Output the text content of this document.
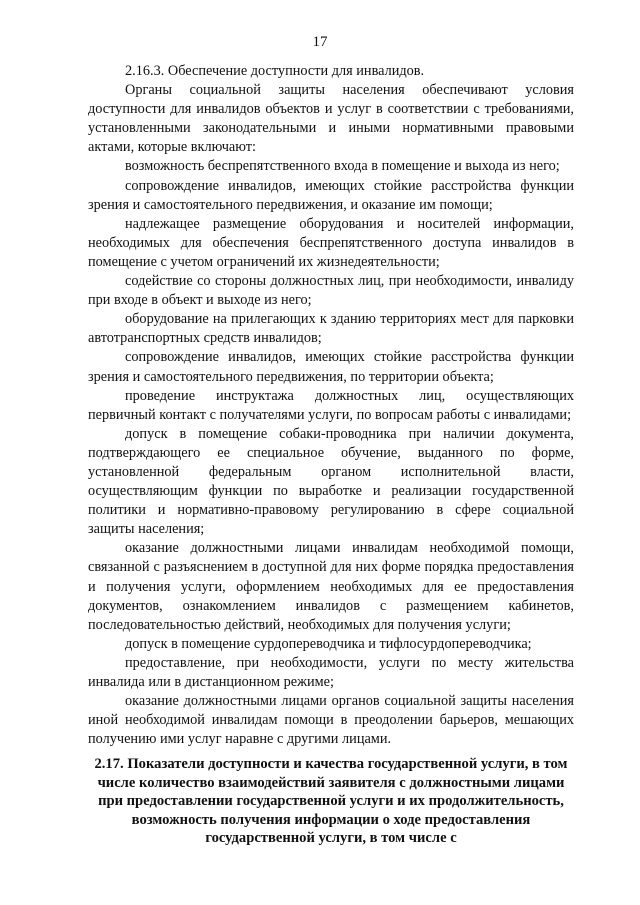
17

2.16.3. Обеспечение доступности для инвалидов.

Органы социальной защиты населения обеспечивают условия доступности для инвалидов объектов и услуг в соответствии с требованиями, установленными законодательными и иными нормативными правовыми актами, которые включают:

возможность беспрепятственного входа в помещение и выхода из него;

сопровождение инвалидов, имеющих стойкие расстройства функции зрения и самостоятельного передвижения, и оказание им помощи;

надлежащее размещение оборудования и носителей информации, необходимых для обеспечения беспрепятственного доступа инвалидов в помещение с учетом ограничений их жизнедеятельности;

содействие со стороны должностных лиц, при необходимости, инвалиду при входе в объект и выходе из него;

оборудование на прилегающих к зданию территориях мест для парковки автотранспортных средств инвалидов;

сопровождение инвалидов, имеющих стойкие расстройства функции зрения и самостоятельного передвижения, по территории объекта;

проведение инструктажа должностных лиц, осуществляющих первичный контакт с получателями услуги, по вопросам работы с инвалидами;

допуск в помещение собаки-проводника при наличии документа, подтверждающего ее специальное обучение, выданного по форме, установленной федеральным органом исполнительной власти, осуществляющим функции по выработке и реализации государственной политики и нормативно-правовому регулированию в сфере социальной защиты населения;

оказание должностными лицами инвалидам необходимой помощи, связанной с разъяснением в доступной для них форме порядка предоставления и получения услуги, оформлением необходимых для ее предоставления документов, ознакомлением инвалидов с размещением кабинетов, последовательностью действий, необходимых для получения услуги;

допуск в помещение сурдопереводчика и тифлосурдопереводчика;

предоставление, при необходимости, услуги по месту жительства инвалида или в дистанционном режиме;

оказание должностными лицами органов социальной защиты населения иной необходимой инвалидам помощи в преодолении барьеров, мешающих получению ими услуг наравне с другими лицами.

2.17. Показатели доступности и качества государственной услуги, в том числе количество взаимодействий заявителя с должностными лицами при предоставлении государственной услуги и их продолжительность, возможность получения информации о ходе предоставления государственной услуги, в том числе с
